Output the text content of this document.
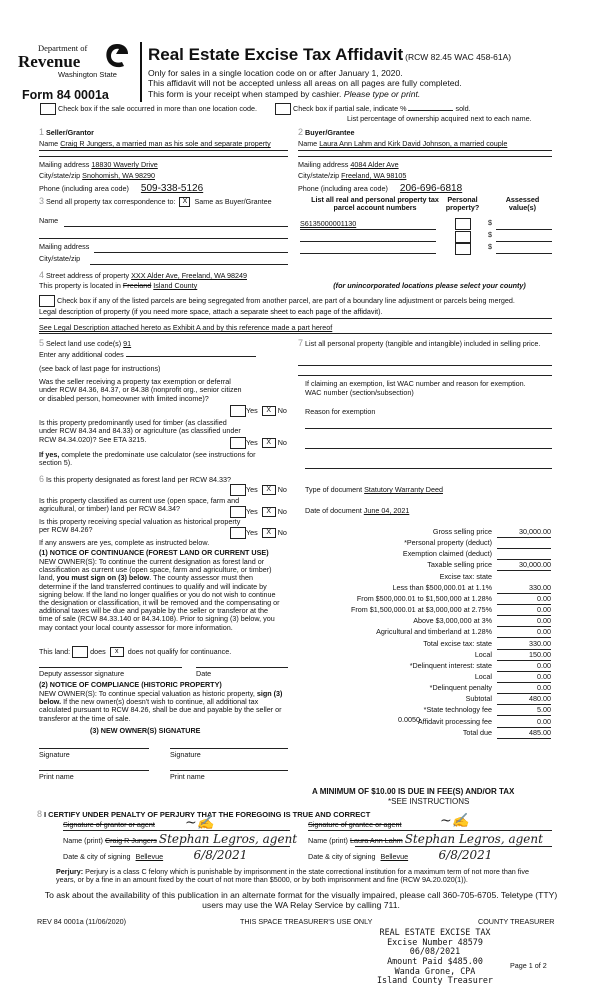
Department of
Revenue
Washington State
Form 84 0001a
Real Estate Excise Tax Affidavit (RCW 82.45 WAC 458-61A)
Only for sales in a single location code on or after January 1, 2020.
This affidavit will not be accepted unless all areas on all pages are fully completed.
This form is your receipt when stamped by cashier. Please type or print.
Check box if the sale occurred in more than one location code.	Check box if partial sale, indicate %	sold.
List percentage of ownership acquired next to each name.
1 Seller/Grantor	2 Buyer/Grantee
Name Craig R Jungers, a married man as his sole and separate property	Name Laura Ann Lahm and Kirk David Johnson, a married couple
Mailing address 18830 Waverly Drive	Mailing address 4084 Alder Ave
City/state/zip Snohomish, WA 98290	City/state/zip Freeland, WA 98105
Phone (including area code) 509-338-5126	Phone (including area code) 206-696-6818
3 Send all property tax correspondence to: X Same as Buyer/Grantee
Name
Mailing address
City/state/zip
List all real and personal property tax parcel account numbers
Personal property?
Assessed value(s)
S6135000001130	$
$
$
4 Street address of property XXX Alder Ave, Freeland, WA 98249
This property is located in Freeland Island County	(for unincorporated locations please select your county)
Check box if any of the listed parcels are being segregated from another parcel, are part of a boundary line adjustment or parcels being merged.
Legal description of property (if you need more space, attach a separate sheet to each page of the affidavit).
See Legal Description attached hereto as Exhibit A and by this reference made a part hereof
5 Select land use code(s) 91
Enter any additional codes
(see back of last page for instructions)
Was the seller receiving a property tax exemption or deferral under RCW 84.36, 84.37, or 84.38 (nonprofit org., senior citizen or disabled person, homeowner with limited income)?
Yes X No
Is this property predominantly used for timber (as classified under RCW 84.34 and 84.33) or agriculture (as classified under RCW 84.34.020)? See ETA 3215.	Yes X No
If yes, complete the predominate use calculator (see instructions for section 5).
7 List all personal property (tangible and intangible) included in selling price.
If claiming an exemption, list WAC number and reason for exemption.
WAC number (section/subsection)
Reason for exemption
6 Is this property designated as forest land per RCW 84.33?
Yes X No
Is this property classified as current use (open space, farm and agricultural, or timber) land per RCW 84.34?	Yes X No
Is this property receiving special valuation as historical property per RCW 84.26?	Yes X No
If any answers are yes, complete as instructed below.
(1) NOTICE OF CONTINUANCE (FOREST LAND OR CURRENT USE)
NEW OWNER(S): To continue the current designation as forest land or classification as current use (open space, farm and agriculture, or timber) land, you must sign on (3) below. The county assessor must then determine if the land transferred continues to qualify and will indicate by signing below. If the land no longer qualifies or you do not wish to continue the designation or classification, it will be removed and the compensating or additional taxes will be due and payable by the seller or transferor at the time of sale (RCW 84.33.140 or 84.34.108). Prior to signing (3) below, you may contact your local county assessor for more information.
This land:	does x does not qualify for continuance.
Deputy assessor signature	Date
(2) NOTICE OF COMPLIANCE (HISTORIC PROPERTY)
NEW OWNER(S): To continue special valuation as historic property, sign (3) below. If the new owner(s) doesn't wish to continue, all additional tax calculated pursuant to RCW 84.26, shall be due and payable by the seller or transferor at the time of sale.
(3) NEW OWNER(S) SIGNATURE
Signature	Signature
Print name	Print name
Type of document Statutory Warranty Deed
Date of document June 04, 2021
Gross selling price	30,000.00
*Personal property (deduct)
Exemption claimed (deduct)
Taxable selling price	30,000.00
Excise tax: state
Less than $500,000.01 at 1.1%	330.00
From $500,000.01 to $1,500,000 at 1.28%	0.00
From $1,500,000.01 at $3,000,000 at 2.75%	0.00
Above $3,000,000 at 3%	0.00
Agricultural and timberland at 1.28%	0.00
Total excise tax: state	330.00
Local	150.00
*Delinquent interest: state	0.00
Local	0.00
*Delinquent penalty	0.00
Subtotal	480.00
*State technology fee	5.00
Affidavit processing fee	0.00
Total due	485.00
0.0050
A MINIMUM OF $10.00 IS DUE IN FEE(S) AND/OR TAX
*SEE INSTRUCTIONS
8 I CERTIFY UNDER PENALTY OF PERJURY THAT THE FOREGOING IS TRUE AND CORRECT
Signature of grantor or agent ~✍	Signature of grantee or agent	~✍
Name (print) Craig R Jungers Stephan Legros, agent Name (print) Laura Ann Lahm Stephan Legros, agent
Date & city of signing Bellevue	6/8/2021	Date & city of signing Bellevue	6/8/2021
Perjury: Perjury is a class C felony which is punishable by imprisonment in the state correctional institution for a maximum term of not more than five years, or by a fine in an amount fixed by the court of not more than $5000, or by both imprisonment and fine (RCW 9A.20.020(1)).
To ask about the availability of this publication in an alternate format for the visually impaired, please call 360-705-6705. Teletype (TTY) users may use the WA Relay Service by calling 711.
REV 84 0001a (11/06/2020)	THIS SPACE TREASURER'S USE ONLY	COUNTY TREASURER
REAL ESTATE EXCISE TAX
Excise Number 48579
06/08/2021
Amount Paid $485.00
Wanda Grone, CPA
Island County Treasurer
Page 1 of 2
